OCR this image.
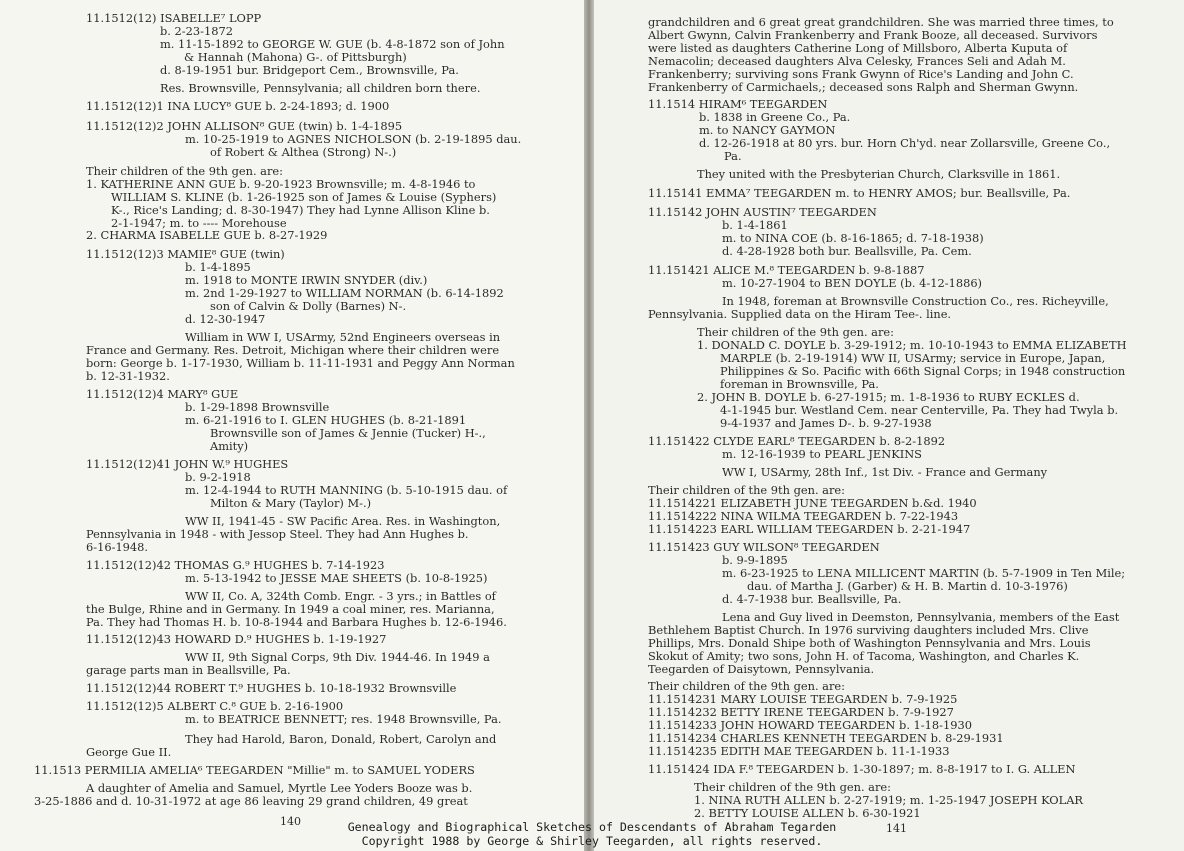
140
11.1512(12) ISABELLE⁷ LOPP
b. 2-23-1872
m. 11-15-1892 to GEORGE W. GUE (b. 4-8-1872 son of John
& Hannah (Mahona) G-. of Pittsburgh)
d. 8-19-1951 bur. Bridgeport Cem., Brownsville, Pa.
Res. Brownsville, Pennsylvania; all children born there.
11.1512(12)1 INA LUCY⁸ GUE b. 2-24-1893; d. 1900
11.1512(12)2 JOHN ALLISON⁸ GUE (twin) b. 1-4-1895
m. 10-25-1919 to AGNES NICHOLSON (b. 2-19-1895 dau.
of Robert & Althea (Strong) N-.)
Their children of the 9th gen. are:
1. KATHERINE ANN GUE b. 9-20-1923 Brownsville; m. 4-8-1946 to
WILLIAM S. KLINE (b. 1-26-1925 son of James & Louise (Syphers)
K-., Rice's Landing; d. 8-30-1947) They had Lynne Allison Kline b.
2-1-1947; m. to ---- Morehouse
2. CHARMA ISABELLE GUE b. 8-27-1929
11.1512(12)3 MAMIE⁸ GUE (twin)
b. 1-4-1895
m. 1918 to MONTE IRWIN SNYDER (div.)
m. 2nd 1-29-1927 to WILLIAM NORMAN (b. 6-14-1892
son of Calvin & Dolly (Barnes) N-.
d. 12-30-1947
William in WW I, USArmy, 52nd Engineers overseas in
France and Germany. Res. Detroit, Michigan where their children were
born: George b. 1-17-1930, William b. 11-11-1931 and Peggy Ann Norman
b. 12-31-1932.
11.1512(12)4 MARY⁸ GUE
b. 1-29-1898 Brownsville
m. 6-21-1916 to I. GLEN HUGHES (b. 8-21-1891
Brownsville son of James & Jennie (Tucker) H-.,
Amity)
11.1512(12)41 JOHN W.⁹ HUGHES
b. 9-2-1918
m. 12-4-1944 to RUTH MANNING (b. 5-10-1915 dau. of
Milton & Mary (Taylor) M-.)
WW II, 1941-45 - SW Pacific Area. Res. in Washington,
Pennsylvania in 1948 - with Jessop Steel. They had Ann Hughes b.
6-16-1948.
11.1512(12)42 THOMAS G.⁹ HUGHES b. 7-14-1923
m. 5-13-1942 to JESSE MAE SHEETS (b. 10-8-1925)
WW II, Co. A, 324th Comb. Engr. - 3 yrs.; in Battles of
the Bulge, Rhine and in Germany. In 1949 a coal miner, res. Marianna,
Pa. They had Thomas H. b. 10-8-1944 and Barbara Hughes b. 12-6-1946.
11.1512(12)43 HOWARD D.⁹ HUGHES b. 1-19-1927
WW II, 9th Signal Corps, 9th Div. 1944-46. In 1949 a
garage parts man in Beallsville, Pa.
11.1512(12)44 ROBERT T.⁹ HUGHES b. 10-18-1932 Brownsville
11.1512(12)5 ALBERT C.⁸ GUE b. 2-16-1900
m. to BEATRICE BENNETT; res. 1948 Brownsville, Pa.
They had Harold, Baron, Donald, Robert, Carolyn and
George Gue II.
11.1513 PERMILIA AMELIA⁶ TEEGARDEN "Millie" m. to SAMUEL YODERS
A daughter of Amelia and Samuel, Myrtle Lee Yoders Booze was b.
3-25-1886 and d. 10-31-1972 at age 86 leaving 29 grand children, 49 great
141
grandchildren and 6 great great grandchildren. She was married three times, to
Albert Gwynn, Calvin Frankenberry and Frank Booze, all deceased. Survivors
were listed as daughters Catherine Long of Millsboro, Alberta Kuputa of
Nemacolin; deceased daughters Alva Celesky, Frances Seli and Adah M.
Frankenberry; surviving sons Frank Gwynn of Rice's Landing and John C.
Frankenberry of Carmichaels,; deceased sons Ralph and Sherman Gwynn.
11.1514 HIRAM⁶ TEEGARDEN
b. 1838 in Greene Co., Pa.
m. to NANCY GAYMON
d. 12-26-1918 at 80 yrs. bur. Horn Ch'yd. near Zollarsville, Greene Co.,
Pa.
They united with the Presbyterian Church, Clarksville in 1861.
11.15141 EMMA⁷ TEEGARDEN m. to HENRY AMOS; bur. Beallsville, Pa.
11.15142 JOHN AUSTIN⁷ TEEGARDEN
b. 1-4-1861
m. to NINA COE (b. 8-16-1865; d. 7-18-1938)
d. 4-28-1928 both bur. Beallsville, Pa. Cem.
11.151421 ALICE M.⁸ TEEGARDEN b. 9-8-1887
m. 10-27-1904 to BEN DOYLE (b. 4-12-1886)
In 1948, foreman at Brownsville Construction Co., res. Richeyville,
Pennsylvania. Supplied data on the Hiram Tee-. line.
Their children of the 9th gen. are:
1. DONALD C. DOYLE b. 3-29-1912; m. 10-10-1943 to EMMA ELIZABETH
MARPLE (b. 2-19-1914) WW II, USArmy; service in Europe, Japan,
Philippines & So. Pacific with 66th Signal Corps; in 1948 construction
foreman in Brownsville, Pa.
2. JOHN B. DOYLE b. 6-27-1915; m. 1-8-1936 to RUBY ECKLES d.
4-1-1945 bur. Westland Cem. near Centerville, Pa. They had Twyla b.
9-4-1937 and James D-. b. 9-27-1938
11.151422 CLYDE EARL⁸ TEEGARDEN b. 8-2-1892
m. 12-16-1939 to PEARL JENKINS
WW I, USArmy, 28th Inf., 1st Div. - France and Germany
Their children of the 9th gen. are:
11.1514221 ELIZABETH JUNE TEEGARDEN b.&d. 1940
11.1514222 NINA WILMA TEEGARDEN b. 7-22-1943
11.1514223 EARL WILLIAM TEEGARDEN b. 2-21-1947
11.151423 GUY WILSON⁸ TEEGARDEN
b. 9-9-1895
m. 6-23-1925 to LENA MILLICENT MARTIN (b. 5-7-1909 in Ten Mile;
dau. of Martha J. (Garber) & H. B. Martin d. 10-3-1976)
d. 4-7-1938 bur. Beallsville, Pa.
Lena and Guy lived in Deemston, Pennsylvania, members of the East
Bethlehem Baptist Church. In 1976 surviving daughters included Mrs. Clive
Phillips, Mrs. Donald Shipe both of Washington Pennsylvania and Mrs. Louis
Skokut of Amity; two sons, John H. of Tacoma, Washington, and Charles K.
Teegarden of Daisytown, Pennsylvania.
Their children of the 9th gen. are:
11.1514231 MARY LOUISE TEEGARDEN b. 7-9-1925
11.1514232 BETTY IRENE TEEGARDEN b. 7-9-1927
11.1514233 JOHN HOWARD TEEGARDEN b. 1-18-1930
11.1514234 CHARLES KENNETH TEEGARDEN b. 8-29-1931
11.1514235 EDITH MAE TEEGARDEN b. 11-1-1933
11.151424 IDA F.⁸ TEEGARDEN b. 1-30-1897; m. 8-8-1917 to I. G. ALLEN
Their children of the 9th gen. are:
1. NINA RUTH ALLEN b. 2-27-1919; m. 1-25-1947 JOSEPH KOLAR
2. BETTY LOUISE ALLEN b. 6-30-1921
Genealogy and Biographical Sketches of Descendants of Abraham Tegarden
Copyright 1988 by George & Shirley Teegarden, all rights reserved.
